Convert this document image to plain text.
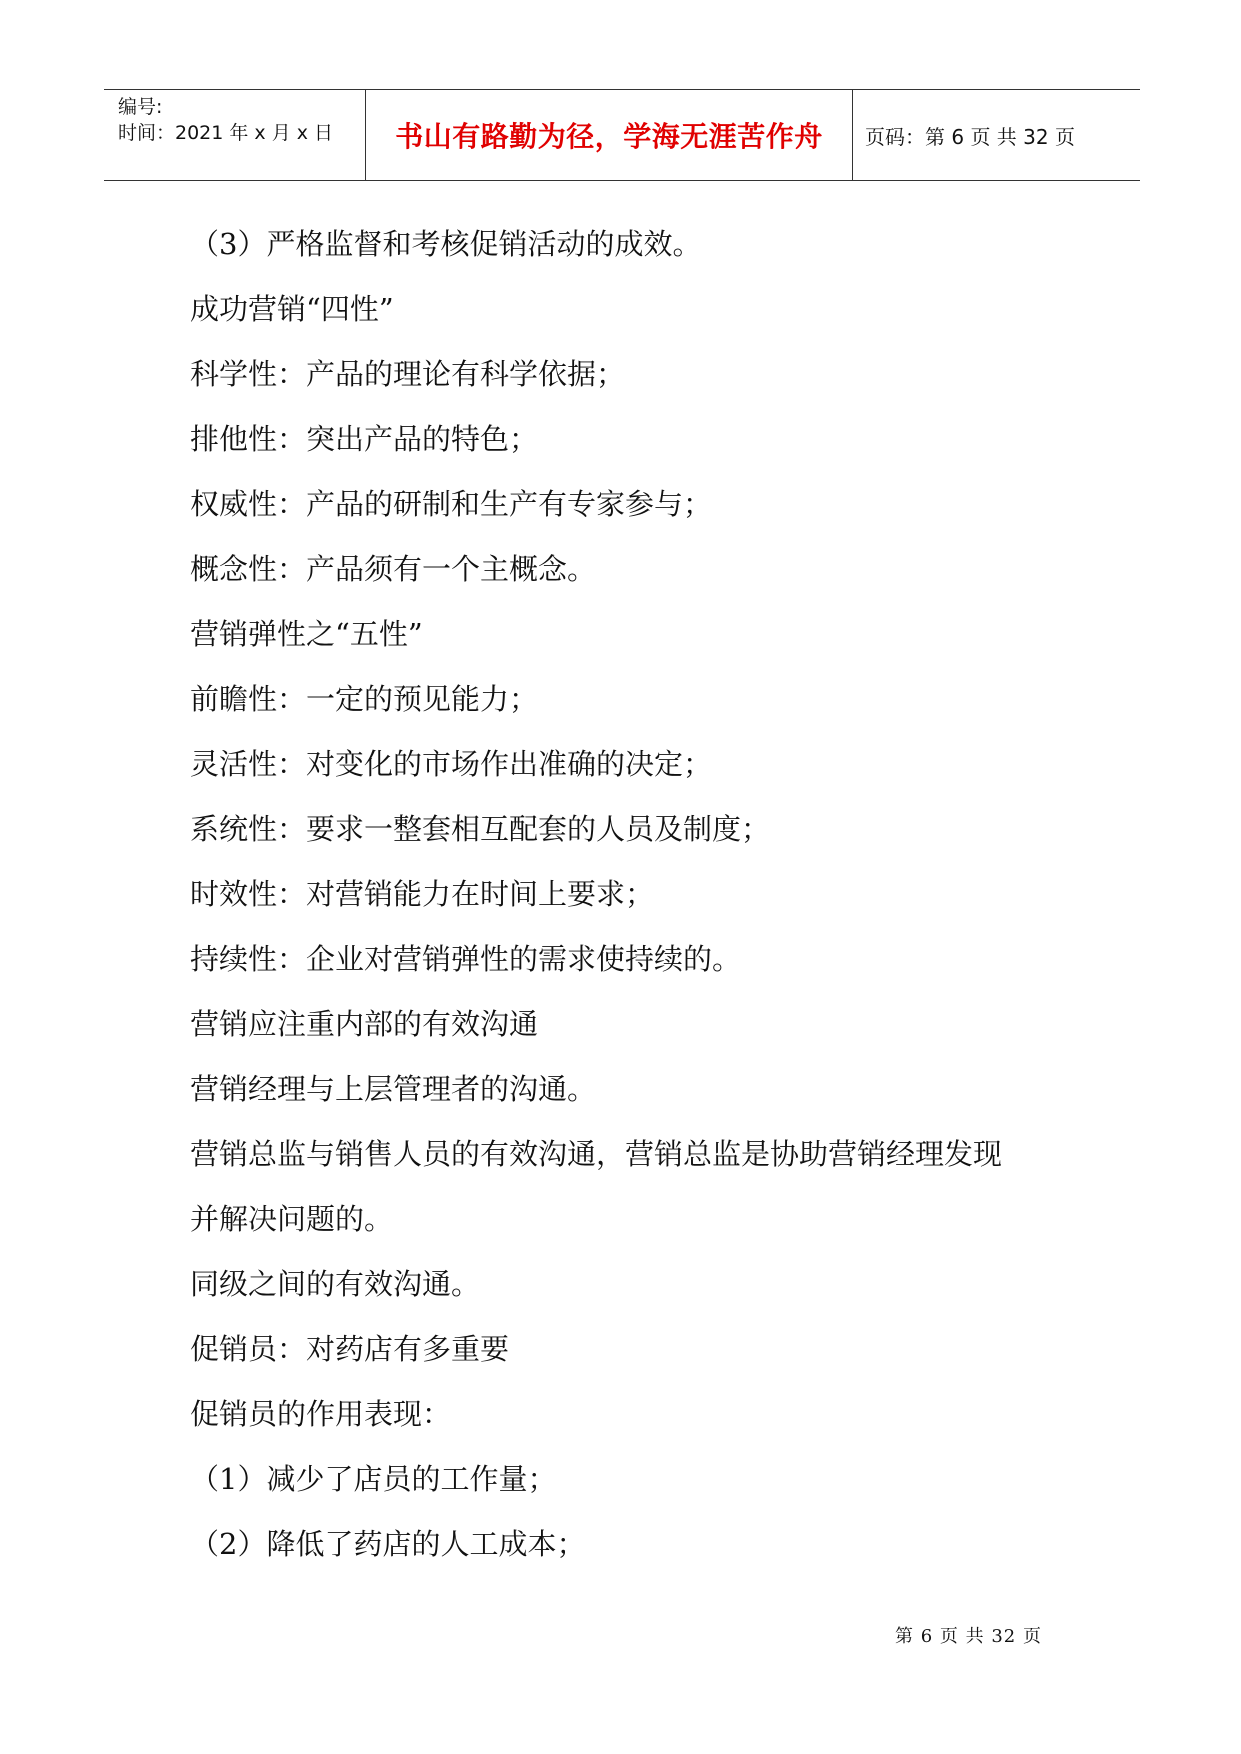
编号:
时间：2021 年 x 月 x 日	书山有路勤为径，学海无涯苦作舟	页码：第 6 页 共 32 页
（3）严格监督和考核促销活动的成效。
成功营销“四性”
科学性：产品的理论有科学依据；
排他性：突出产品的特色；
权威性：产品的研制和生产有专家参与；
概念性：产品须有一个主概念。
营销弹性之“五性”
前瞻性：一定的预见能力；
灵活性：对变化的市场作出准确的决定；
系统性：要求一整套相互配套的人员及制度；
时效性：对营销能力在时间上要求；
持续性：企业对营销弹性的需求使持续的。
营销应注重内部的有效沟通
营销经理与上层管理者的沟通。
营销总监与销售人员的有效沟通，营销总监是协助营销经理发现
并解决问题的。
同级之间的有效沟通。
促销员：对药店有多重要
促销员的作用表现：
（1）减少了店员的工作量；
（2）降低了药店的人工成本；
第 6 页 共 32 页
